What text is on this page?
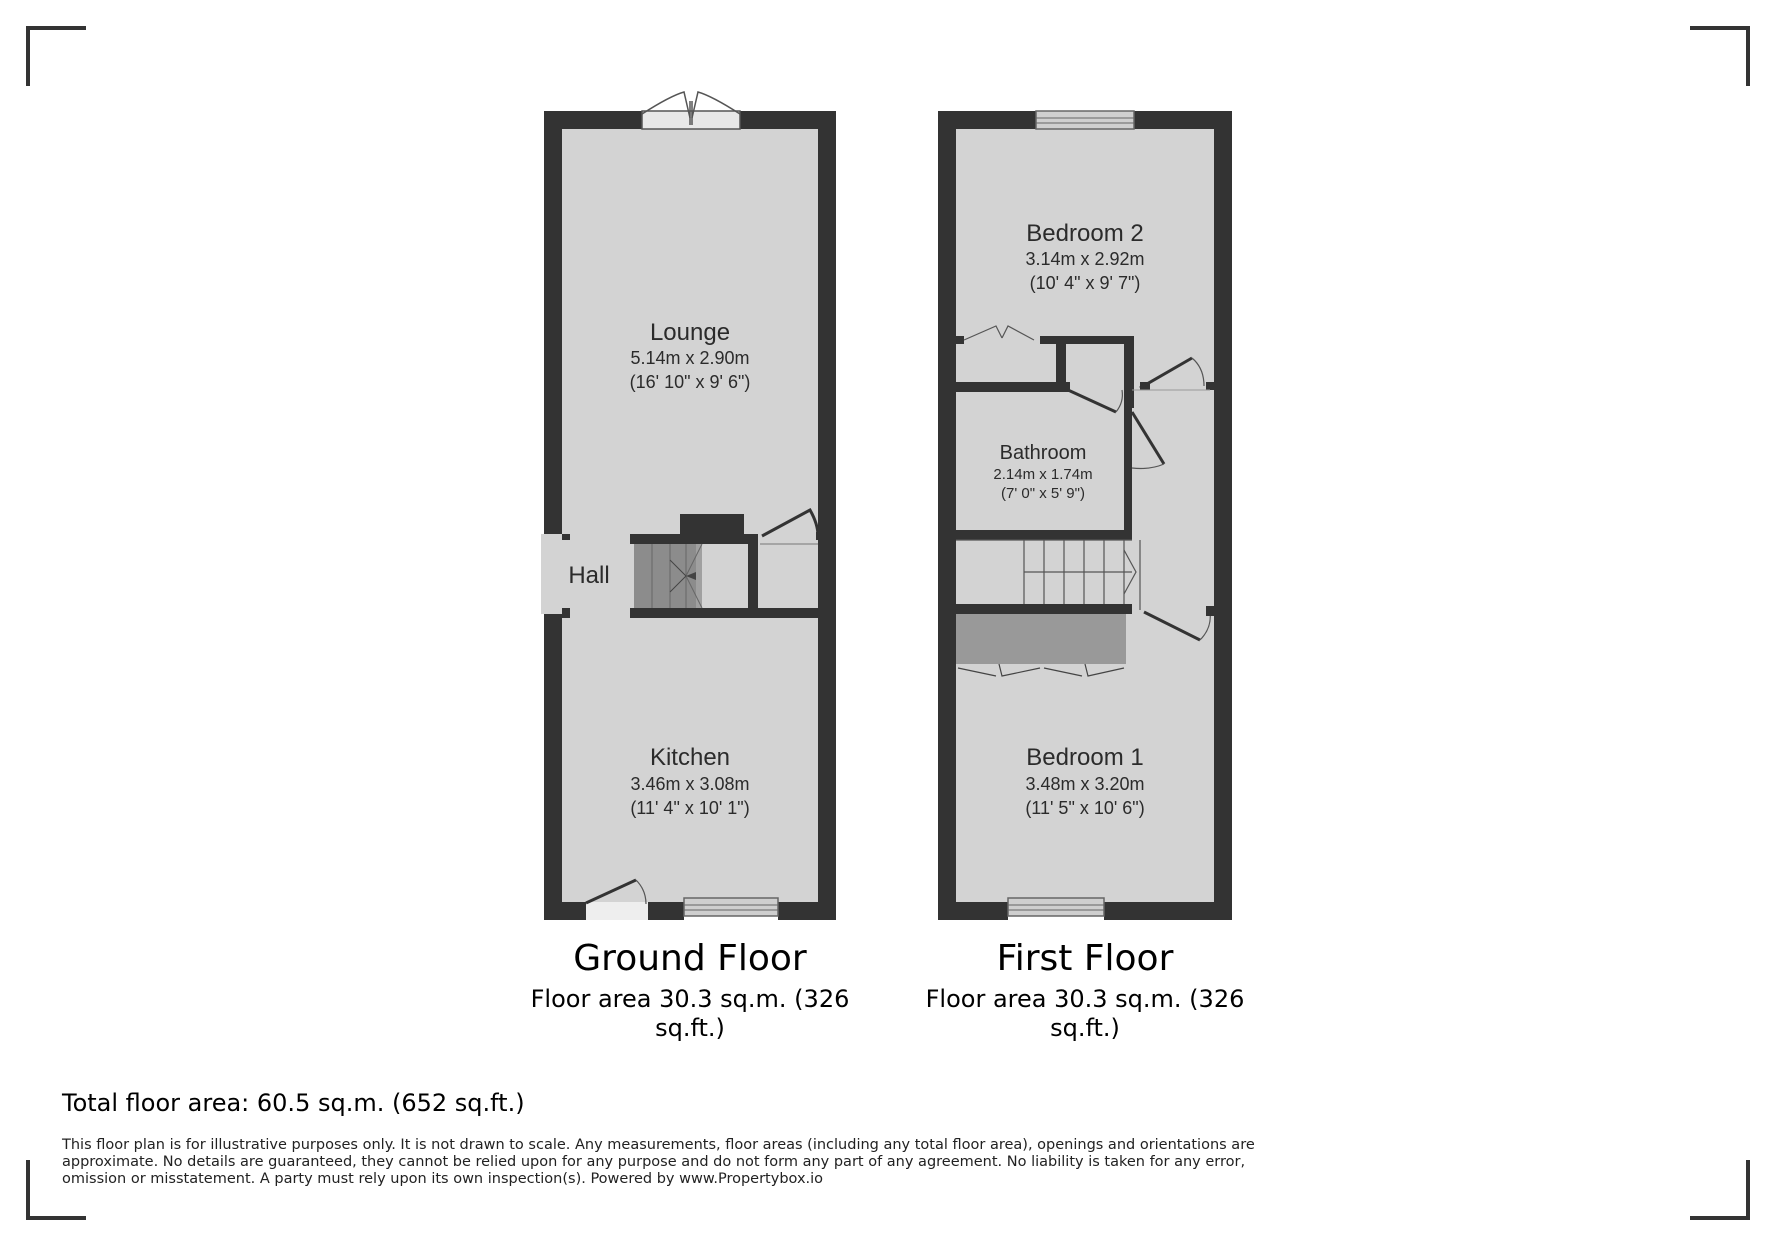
Lounge
5.14m x 2.90m
(16' 10" x 9' 6")
Hall
Kitchen
3.46m x 3.08m
(11' 4" x 10' 1")
Bedroom 2
3.14m x 2.92m
(10' 4" x 9' 7")
Bathroom
2.14m x 1.74m
(7' 0" x 5' 9")
Bedroom 1
3.48m x 3.20m
(11' 5" x 10' 6")
Ground Floor
Floor area 30.3 sq.m. (326 sq.ft.)
First Floor
Floor area 30.3 sq.m. (326 sq.ft.)
Total floor area: 60.5 sq.m. (652 sq.ft.)
This floor plan is for illustrative purposes only. It is not drawn to scale. Any measurements, floor areas (including any total floor area), openings and orientations are approximate. No details are guaranteed, they cannot be relied upon for any purpose and do not form any part of any agreement. No liability is taken for any error, omission or misstatement. A party must rely upon its own inspection(s). Powered by www.Propertybox.io
